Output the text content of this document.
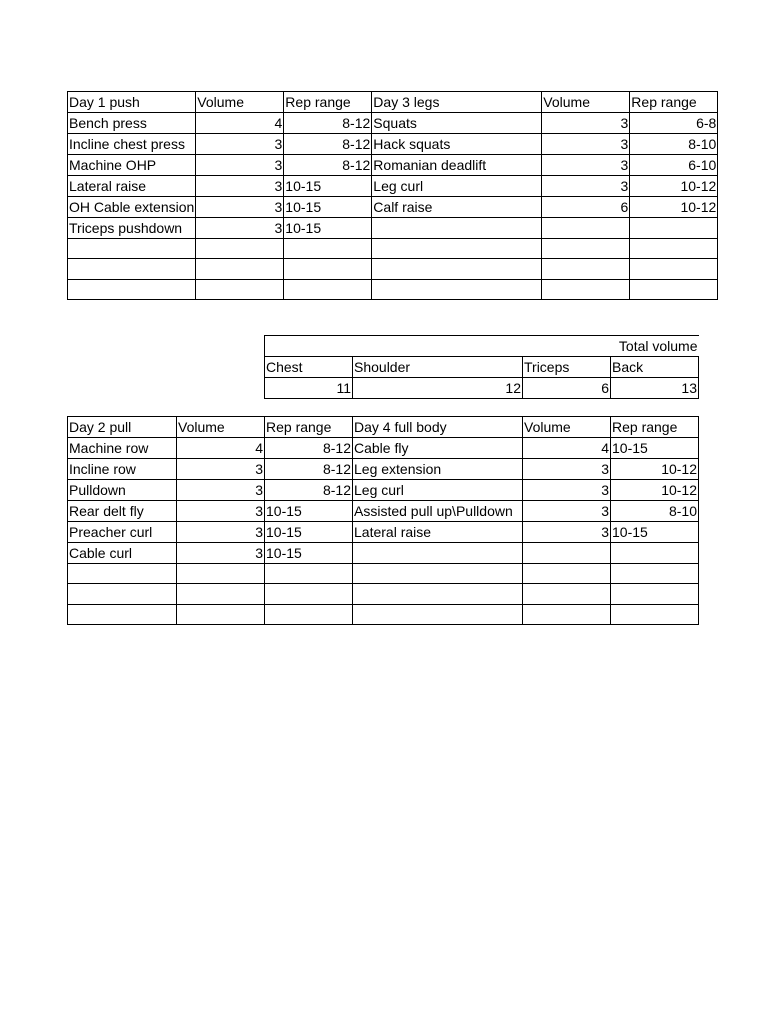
Day 1 push	Volume	Rep range	Day 3 legs	Volume	Rep range
Bench press	4	8-12	Squats	3	6-8
Incline chest press	3	8-12	Hack squats	3	8-10
Machine OHP	3	8-12	Romanian deadlift	3	6-10
Lateral raise	3	10-15	Leg curl	3	10-12
OH Cable extension	3	10-15	Calf raise	6	10-12
Triceps pushdown	3	10-15			

Total volume			
Chest	Shoulder	Triceps	Back
11	12	6	13
Day 2 pull	Volume	Rep range	Day 4 full body	Volume	Rep range
Machine row	4	8-12	Cable fly	4	10-15
Incline row	3	8-12	Leg extension	3	10-12
Pulldown	3	8-12	Leg curl	3	10-12
Rear delt fly	3	10-15	Assisted pull up\Pulldown	3	8-10
Preacher curl	3	10-15	Lateral raise	3	10-15
Cable curl	3	10-15			
